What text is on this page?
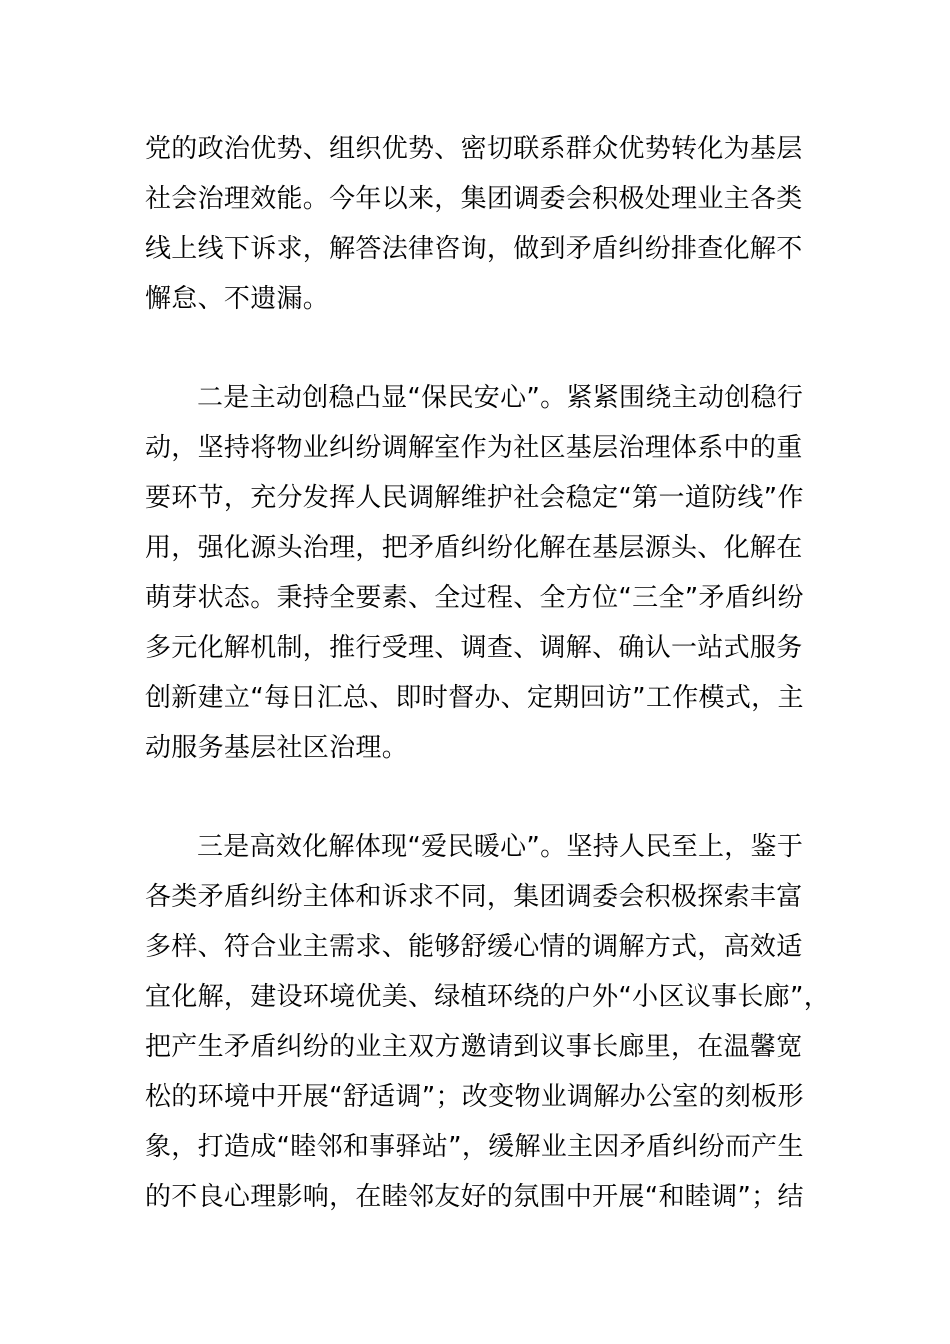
党的政治优势、组织优势、密切联系群众优势转化为基层
社会治理效能。今年以来，集团调委会积极处理业主各类
线上线下诉求，解答法律咨询，做到矛盾纠纷排查化解不
懈怠、不遗漏。
二是主动创稳凸显“保民安心”。紧紧围绕主动创稳行
动，坚持将物业纠纷调解室作为社区基层治理体系中的重
要环节，充分发挥人民调解维护社会稳定“第一道防线”作
用，强化源头治理，把矛盾纠纷化解在基层源头、化解在
萌芽状态。秉持全要素、全过程、全方位“三全”矛盾纠纷
多元化解机制，推行受理、调查、调解、确认一站式服务
创新建立“每日汇总、即时督办、定期回访”工作模式，主
动服务基层社区治理。
三是高效化解体现“爱民暖心”。坚持人民至上，鉴于
各类矛盾纠纷主体和诉求不同，集团调委会积极探索丰富
多样、符合业主需求、能够舒缓心情的调解方式，高效适
宜化解，建设环境优美、绿植环绕的户外“小区议事长廊”，
把产生矛盾纠纷的业主双方邀请到议事长廊里，在温馨宽
松的环境中开展“舒适调”；改变物业调解办公室的刻板形
象，打造成“睦邻和事驿站”，缓解业主因矛盾纠纷而产生
的不良心理影响，在睦邻友好的氛围中开展“和睦调”；结
